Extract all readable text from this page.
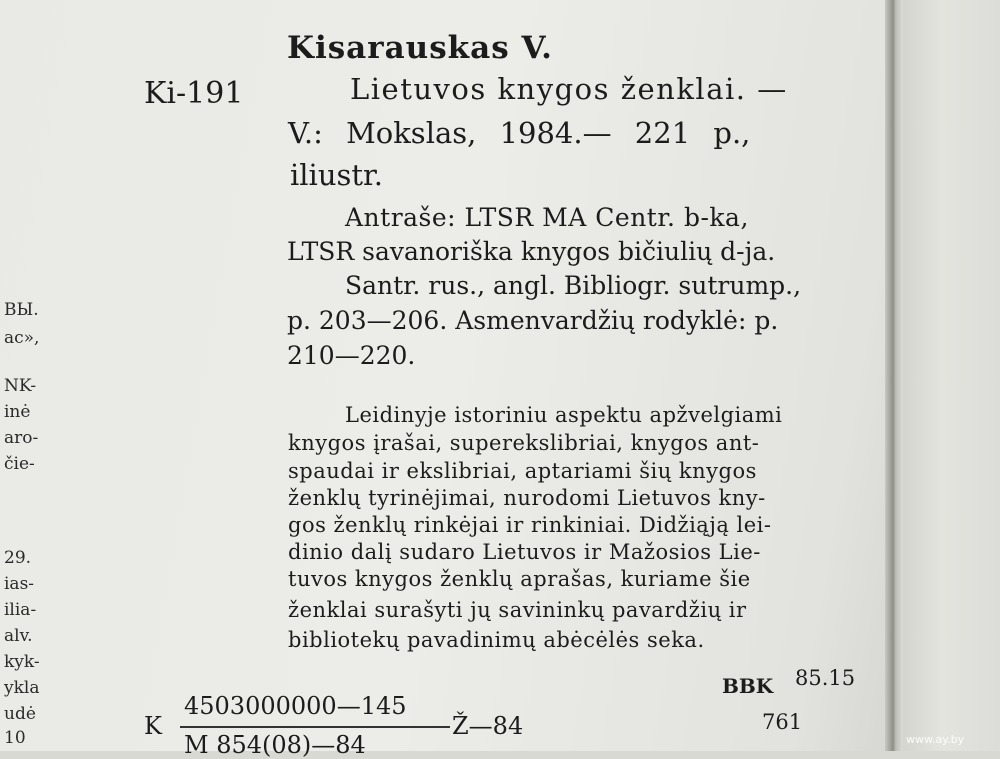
ВЫ.
ас»,
NK-
inė
aro-
čie-
29.
ias-
ilia-
alv.
kyk-
ykla
udė
10
Kisarauskas V.
Ki-191	Lietuvos knygos ženklai. —
V.: Mokslas, 1984.— 221 p.,
iliustr.
Antraše: LTSR MA Centr. b-ka,
LTSR savanoriška knygos bičiulių d-ja.
Santr. rus., angl. Bibliogr. sutrump.,
p. 203—206. Asmenvardžių rodyklė: p.
210—220.
Leidinyje istoriniu aspektu apžvelgiami
knygos įrašai, superekslibriai, knygos ant-
spaudai ir ekslibriai, aptariami šių knygos
ženklų tyrinėjimai, nurodomi Lietuvos kny-
gos ženklų rinkėjai ir rinkiniai. Didžiąją lei-
dinio dalį sudaro Lietuvos ir Mažosios Lie-
tuvos knygos ženklų aprašas, kuriame šie
ženklai surašyti jų savininkų pavardžių ir
bibliotekų pavadinimų abėcėlės seka.
BBK 85.15
761
K
4503000000—145
M 854(08)—84
Ž—84	www.ay.by
